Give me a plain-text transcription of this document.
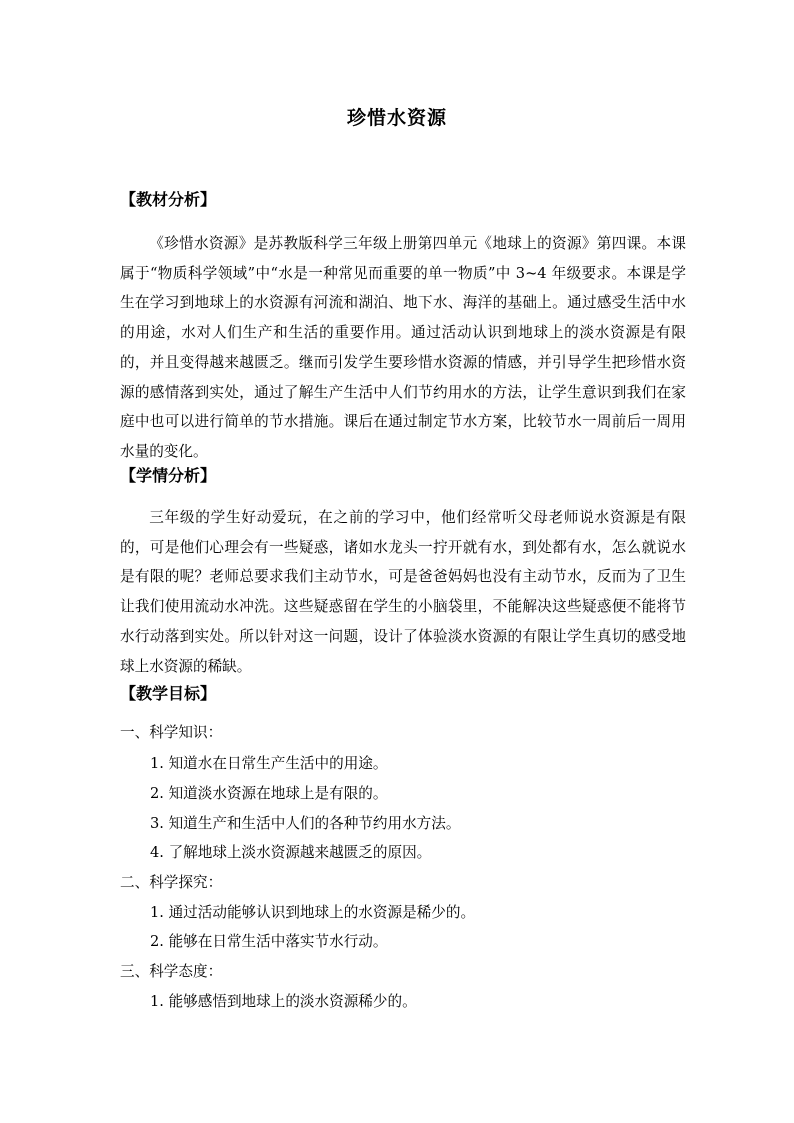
珍惜水资源
【教材分析】
《珍惜水资源》是苏教版科学三年级上册第四单元《地球上的资源》第四课。本课属于“物质科学领域”中“水是一种常见而重要的单一物质”中 3~4 年级要求。本课是学生在学习到地球上的水资源有河流和湖泊、地下水、海洋的基础上。通过感受生活中水的用途，水对人们生产和生活的重要作用。通过活动认识到地球上的淡水资源是有限的，并且变得越来越匮乏。继而引发学生要珍惜水资源的情感，并引导学生把珍惜水资源的感情落到实处，通过了解生产生活中人们节约用水的方法，让学生意识到我们在家庭中也可以进行简单的节水措施。课后在通过制定节水方案，比较节水一周前后一周用水量的变化。
【学情分析】
三年级的学生好动爱玩，在之前的学习中，他们经常听父母老师说水资源是有限的，可是他们心理会有一些疑惑，诸如水龙头一拧开就有水，到处都有水，怎么就说水是有限的呢？老师总要求我们主动节水，可是爸爸妈妈也没有主动节水，反而为了卫生让我们使用流动水冲洗。这些疑惑留在学生的小脑袋里，不能解决这些疑惑便不能将节水行动落到实处。所以针对这一问题，设计了体验淡水资源的有限让学生真切的感受地球上水资源的稀缺。
【教学目标】
一、科学知识：
1. 知道水在日常生产生活中的用途。
2. 知道淡水资源在地球上是有限的。
3. 知道生产和生活中人们的各种节约用水方法。
4. 了解地球上淡水资源越来越匮乏的原因。
二、科学探究：
1. 通过活动能够认识到地球上的水资源是稀少的。
2. 能够在日常生活中落实节水行动。
三、科学态度：
1. 能够感悟到地球上的淡水资源稀少的。
